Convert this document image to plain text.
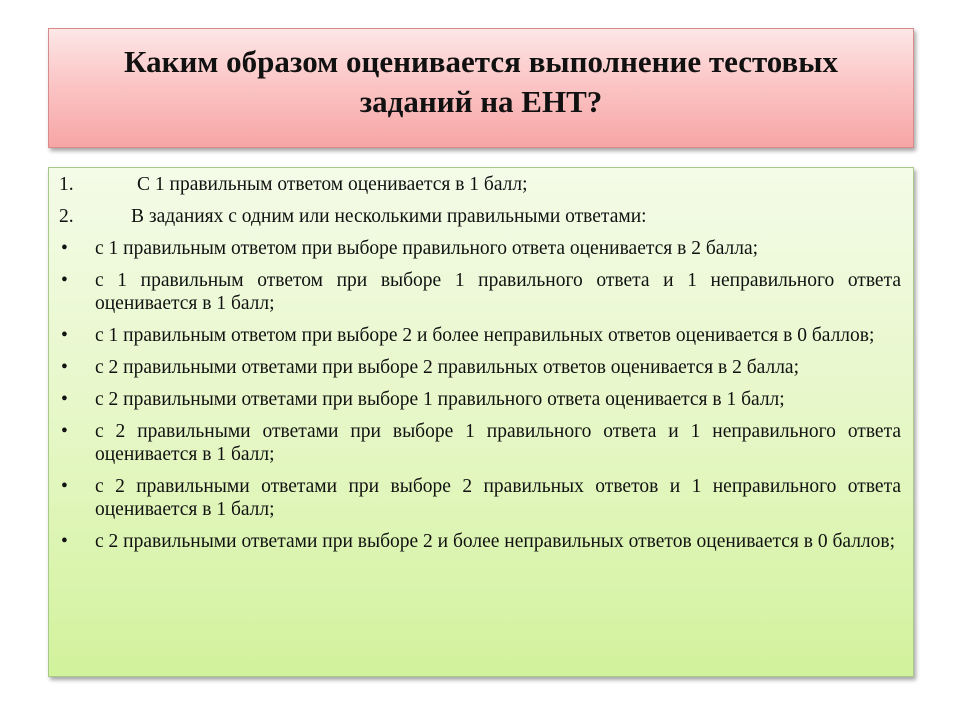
Каким образом оценивается выполнение тестовых заданий на ЕНТ?
1.	С 1 правильным ответом оценивается в 1 балл;
2.	В заданиях с одним или несколькими правильными ответами:
•	с 1 правильным ответом при выборе правильного ответа оценивается в 2 балла;
•	с 1 правильным ответом при выборе 1 правильного ответа и 1 неправильного ответа оценивается в 1 балл;
•	с 1 правильным ответом при выборе 2 и более неправильных ответов оценивается в 0 баллов;
•	с 2 правильными ответами при выборе 2 правильных ответов оценивается в 2 балла;
•	с 2 правильными ответами при выборе 1 правильного ответа оценивается в 1 балл;
•	с 2 правильными ответами при выборе 1 правильного ответа и 1 неправильного ответа оценивается в 1 балл;
•	с 2 правильными ответами при выборе 2 правильных ответов и 1 неправильного ответа оценивается в 1 балл;
•	с 2 правильными ответами при выборе 2 и более неправильных ответов оценивается в 0 баллов;
